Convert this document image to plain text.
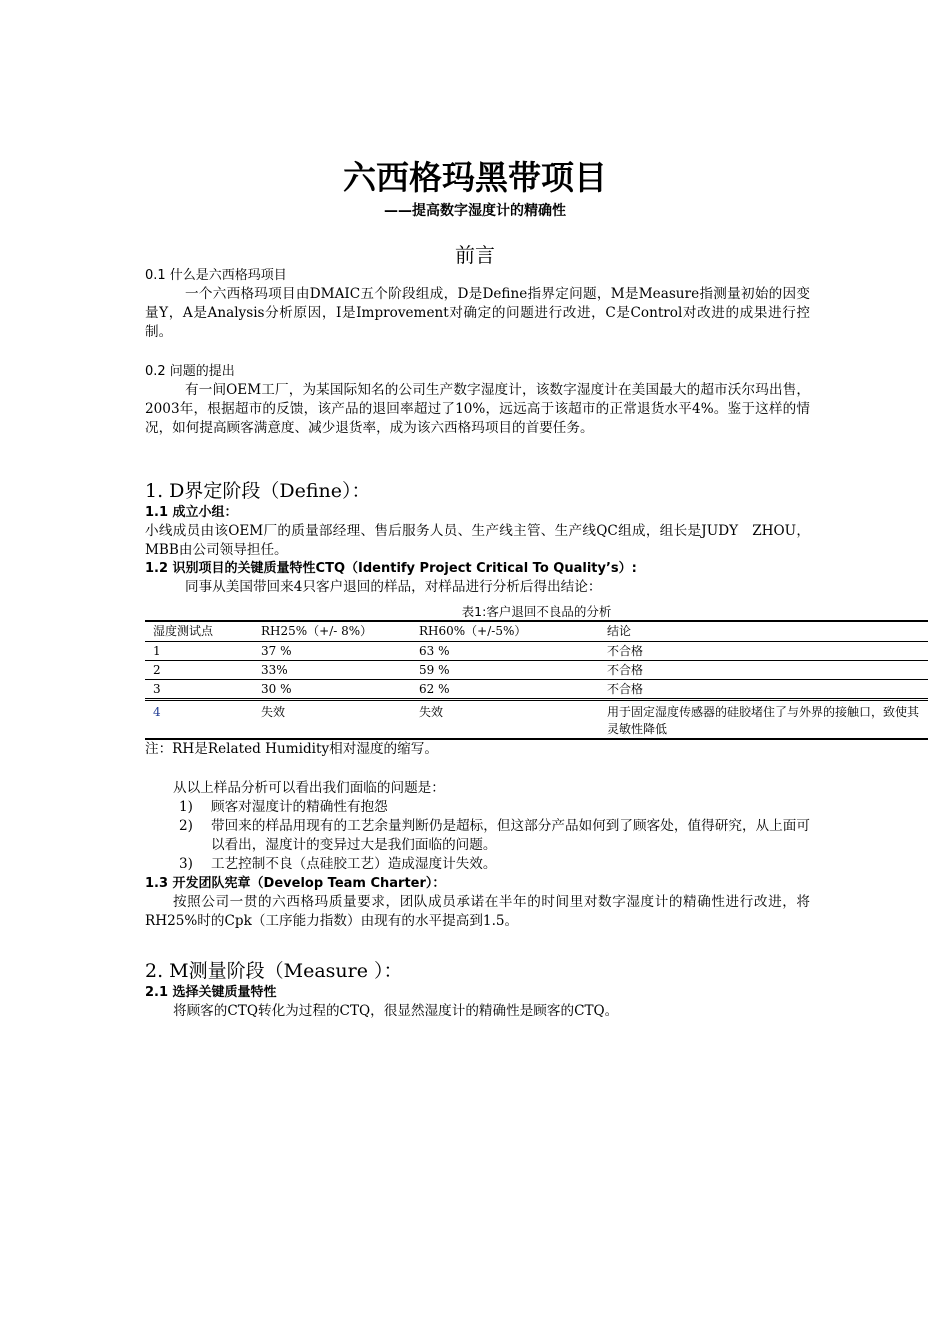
六西格玛黑带项目
——提高数字湿度计的精确性
前言
0.1 什么是六西格玛项目
一个六西格玛项目由DMAIC五个阶段组成，D是Define指界定问题，M是Measure指测量初始的因变量Y，A是Analysis分析原因，I是Improvement对确定的问题进行改进，C是Control对改进的成果进行控制。
0.2 问题的提出
有一间OEM工厂，为某国际知名的公司生产数字湿度计，该数字湿度计在美国最大的超市沃尔玛出售，2003年，根据超市的反馈，该产品的退回率超过了10%，远远高于该超市的正常退货水平4%。鉴于这样的情况，如何提高顾客满意度、减少退货率，成为该六西格玛项目的首要任务。
1. D界定阶段（Define）：
1.1 成立小组：
小线成员由该OEM厂的质量部经理、售后服务人员、生产线主管、生产线QC组成，组长是JUDY　ZHOU，MBB由公司领导担任。
1.2 识别项目的关键质量特性CTQ（Identify Project Critical To Quality’s）:
同事从美国带回来4只客户退回的样品，对样品进行分析后得出结论：
表1:客户退回不良品的分析
湿度测试点	RH25%（+/- 8%）	RH60%（+/-5%）	结论
1	37 %	63 %	不合格
2	33%	59 %	不合格
3	30 %	62 %	不合格
4	失效	失效	用于固定湿度传感器的硅胶堵住了与外界的接触口，致使其灵敏性降低
注：RH是Related Humidity相对湿度的缩写。
从以上样品分析可以看出我们面临的问题是：
1) 顾客对湿度计的精确性有抱怨
2) 带回来的样品用现有的工艺余量判断仍是超标，但这部分产品如何到了顾客处，值得研究，从上面可以看出，湿度计的变异过大是我们面临的问题。
3) 工艺控制不良（点硅胶工艺）造成湿度计失效。
1.3 开发团队宪章（Develop Team Charter）：
按照公司一贯的六西格玛质量要求，团队成员承诺在半年的时间里对数字湿度计的精确性进行改进，将RH25%时的Cpk（工序能力指数）由现有的水平提高到1.5。
2. M测量阶段（Measure ）：
2.1 选择关键质量特性
将顾客的CTQ转化为过程的CTQ，很显然湿度计的精确性是顾客的CTQ。
